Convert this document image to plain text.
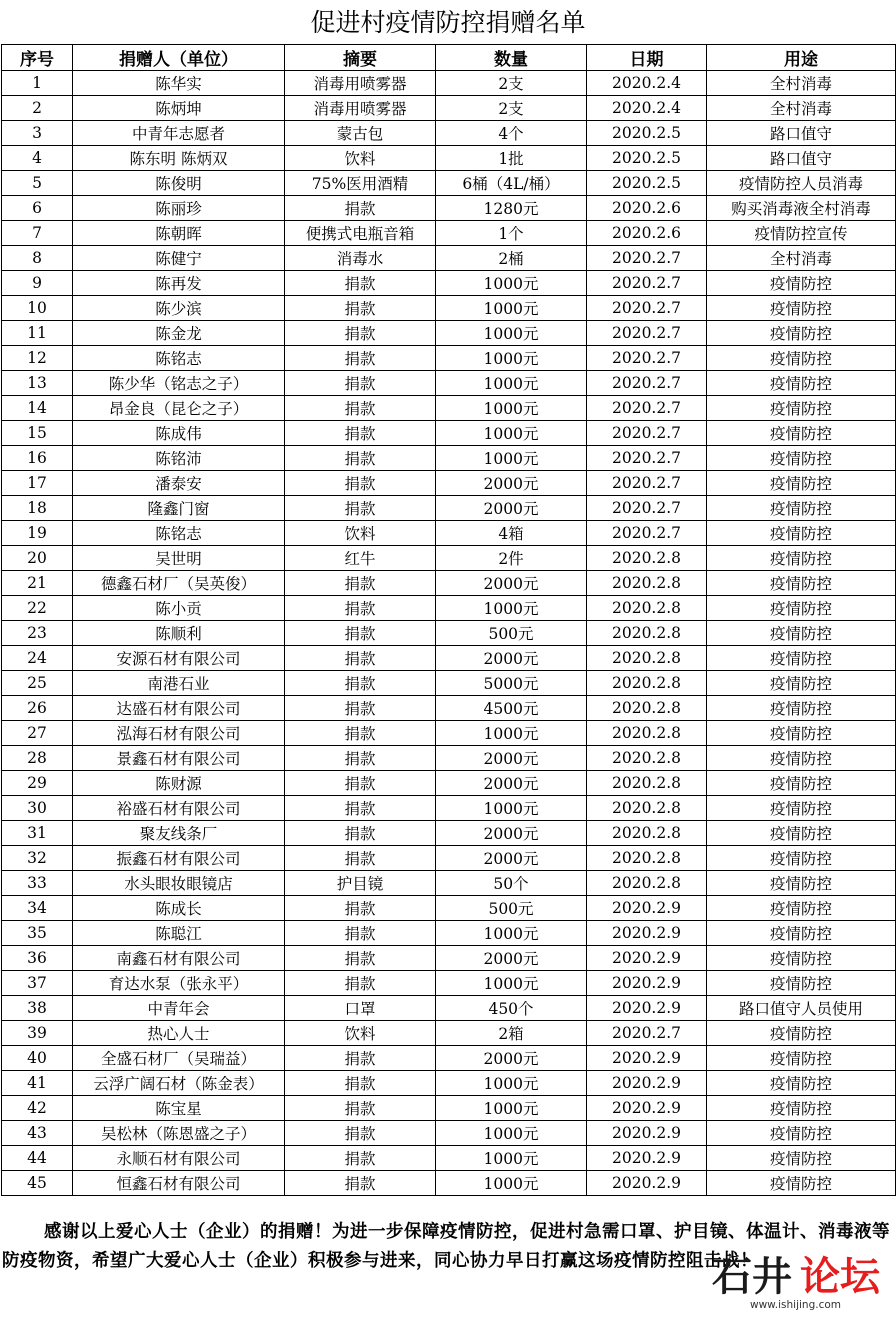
促进村疫情防控捐赠名单
序号	捐赠人（单位）	摘要	数量	日期	用途
1	陈华实	消毒用喷雾器	2支	2020.2.4	全村消毒
2	陈炳坤	消毒用喷雾器	2支	2020.2.4	全村消毒
3	中青年志愿者	蒙古包	4个	2020.2.5	路口值守
4	陈东明 陈炳双	饮料	1批	2020.2.5	路口值守
5	陈俊明	75%医用酒精	6桶（4L/桶）	2020.2.5	疫情防控人员消毒
6	陈丽珍	捐款	1280元	2020.2.6	购买消毒液全村消毒
7	陈朝晖	便携式电瓶音箱	1个	2020.2.6	疫情防控宣传
8	陈健宁	消毒水	2桶	2020.2.7	全村消毒
9	陈再发	捐款	1000元	2020.2.7	疫情防控
10	陈少滨	捐款	1000元	2020.2.7	疫情防控
11	陈金龙	捐款	1000元	2020.2.7	疫情防控
12	陈铭志	捐款	1000元	2020.2.7	疫情防控
13	陈少华（铭志之子）	捐款	1000元	2020.2.7	疫情防控
14	昂金良（昆仑之子）	捐款	1000元	2020.2.7	疫情防控
15	陈成伟	捐款	1000元	2020.2.7	疫情防控
16	陈铭沛	捐款	1000元	2020.2.7	疫情防控
17	潘泰安	捐款	2000元	2020.2.7	疫情防控
18	隆鑫门窗	捐款	2000元	2020.2.7	疫情防控
19	陈铭志	饮料	4箱	2020.2.7	疫情防控
20	吴世明	红牛	2件	2020.2.8	疫情防控
21	德鑫石材厂（吴英俊）	捐款	2000元	2020.2.8	疫情防控
22	陈小贡	捐款	1000元	2020.2.8	疫情防控
23	陈顺利	捐款	500元	2020.2.8	疫情防控
24	安源石材有限公司	捐款	2000元	2020.2.8	疫情防控
25	南港石业	捐款	5000元	2020.2.8	疫情防控
26	达盛石材有限公司	捐款	4500元	2020.2.8	疫情防控
27	泓海石材有限公司	捐款	1000元	2020.2.8	疫情防控
28	景鑫石材有限公司	捐款	2000元	2020.2.8	疫情防控
29	陈财源	捐款	2000元	2020.2.8	疫情防控
30	裕盛石材有限公司	捐款	1000元	2020.2.8	疫情防控
31	聚友线条厂	捐款	2000元	2020.2.8	疫情防控
32	振鑫石材有限公司	捐款	2000元	2020.2.8	疫情防控
33	水头眼妆眼镜店	护目镜	50个	2020.2.8	疫情防控
34	陈成长	捐款	500元	2020.2.9	疫情防控
35	陈聪江	捐款	1000元	2020.2.9	疫情防控
36	南鑫石材有限公司	捐款	2000元	2020.2.9	疫情防控
37	育达水泵（张永平）	捐款	1000元	2020.2.9	疫情防控
38	中青年会	口罩	450个	2020.2.9	路口值守人员使用
39	热心人士	饮料	2箱	2020.2.7	疫情防控
40	全盛石材厂（吴瑞益）	捐款	2000元	2020.2.9	疫情防控
41	云浮广阔石材（陈金表）	捐款	1000元	2020.2.9	疫情防控
42	陈宝星	捐款	1000元	2020.2.9	疫情防控
43	吴松林（陈恩盛之子）	捐款	1000元	2020.2.9	疫情防控
44	永顺石材有限公司	捐款	1000元	2020.2.9	疫情防控
45	恒鑫石材有限公司	捐款	1000元	2020.2.9	疫情防控

感谢以上爱心人士（企业）的捐赠！为进一步保障疫情防控，促进村急需口罩、护目镜、体温计、消毒液等防疫物资，希望广大爱心人士（企业）积极参与进来，同心协力早日打赢这场疫情防控阻击战！

石井 论坛
www.ishijing.com
